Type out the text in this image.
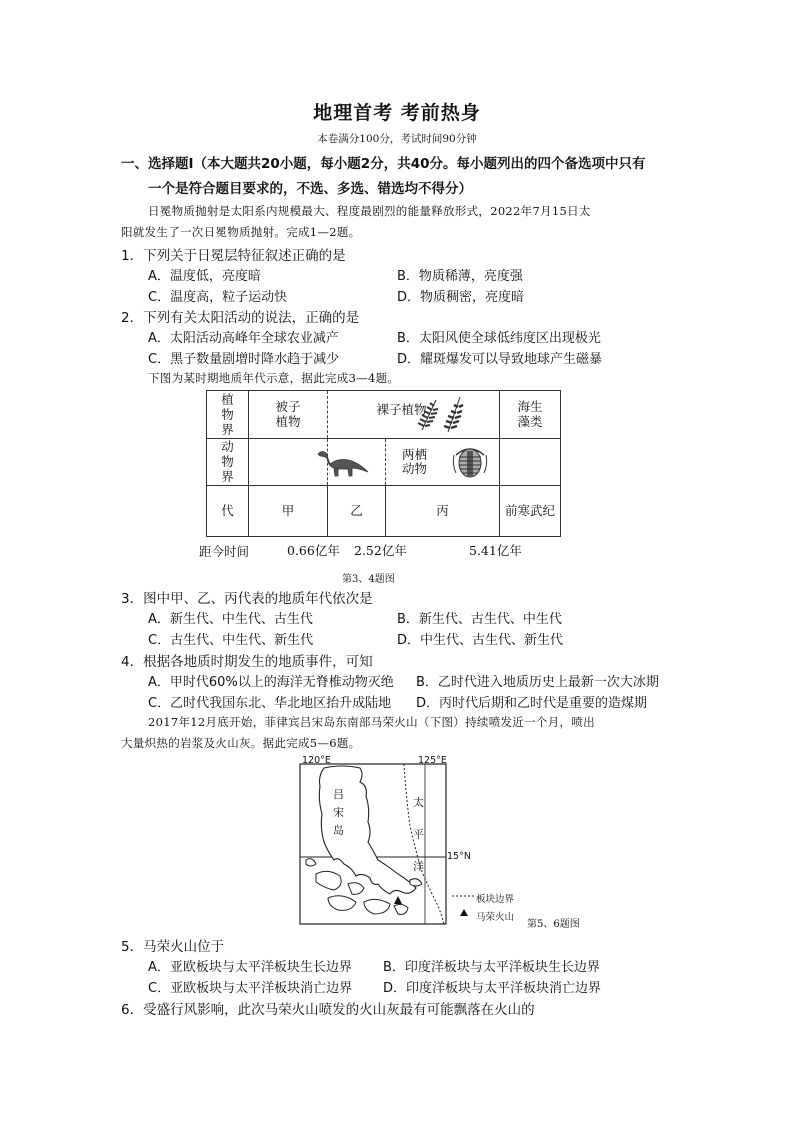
地理首考 考前热身
本卷满分100分，考试时间90分钟
一、选择题I（本大题共20小题，每小题2分，共40分。每小题列出的四个备选项中只有
一个是符合题目要求的，不选、多选、错选均不得分）
日冕物质抛射是太阳系内规模最大、程度最剧烈的能量释放形式，2022年7月15日太
阳就发生了一次日冕物质抛射。完成1—2题。
1．下列关于日冕层特征叙述正确的是
A．温度低，亮度暗	B．物质稀薄，亮度强
C．温度高，粒子运动快	D．物质稠密，亮度暗
2．下列有关太阳活动的说法，正确的是
A．太阳活动高峰年全球农业减产	B．太阳风使全球低纬度区出现极光
C．黑子数量剧增时降水趋于减少	D．耀斑爆发可以导致地球产生磁暴
下图为某时期地质年代示意，据此完成3—4题。
植物界	被子植物	裸子植物		海生藻类
动物界			两栖动物	
代	甲	乙	丙	前寒武纪
距今时间	0.66亿年 2.52亿年	5.41亿年
第3、4题图
3．图中甲、乙、丙代表的地质年代依次是
A．新生代、中生代、古生代	B．新生代、古生代、中生代
C．古生代、中生代、新生代	D．中生代、古生代、新生代
4．根据各地质时期发生的地质事件，可知
A．甲时代60%以上的海洋无脊椎动物灭绝 B．乙时代进入地质历史上最新一次大冰期
C．乙时代我国东北、华北地区抬升成陆地 D．丙时代后期和乙时代是重要的造煤期
2017年12月底开始，菲律宾吕宋岛东南部马荣火山（下图）持续喷发近一个月，喷出
大量炽热的岩浆及火山灰。据此完成5—6题。
120°E	125°E
15°N
吕
宋
岛
太
平
洋
板块边界
马荣火山
第5、6题图
5．马荣火山位于
A．亚欧板块与太平洋板块生长边界 B．印度洋板块与太平洋板块生长边界
C．亚欧板块与太平洋板块消亡边界 D．印度洋板块与太平洋板块消亡边界
6．受盛行风影响，此次马荣火山喷发的火山灰最有可能飘落在火山的
